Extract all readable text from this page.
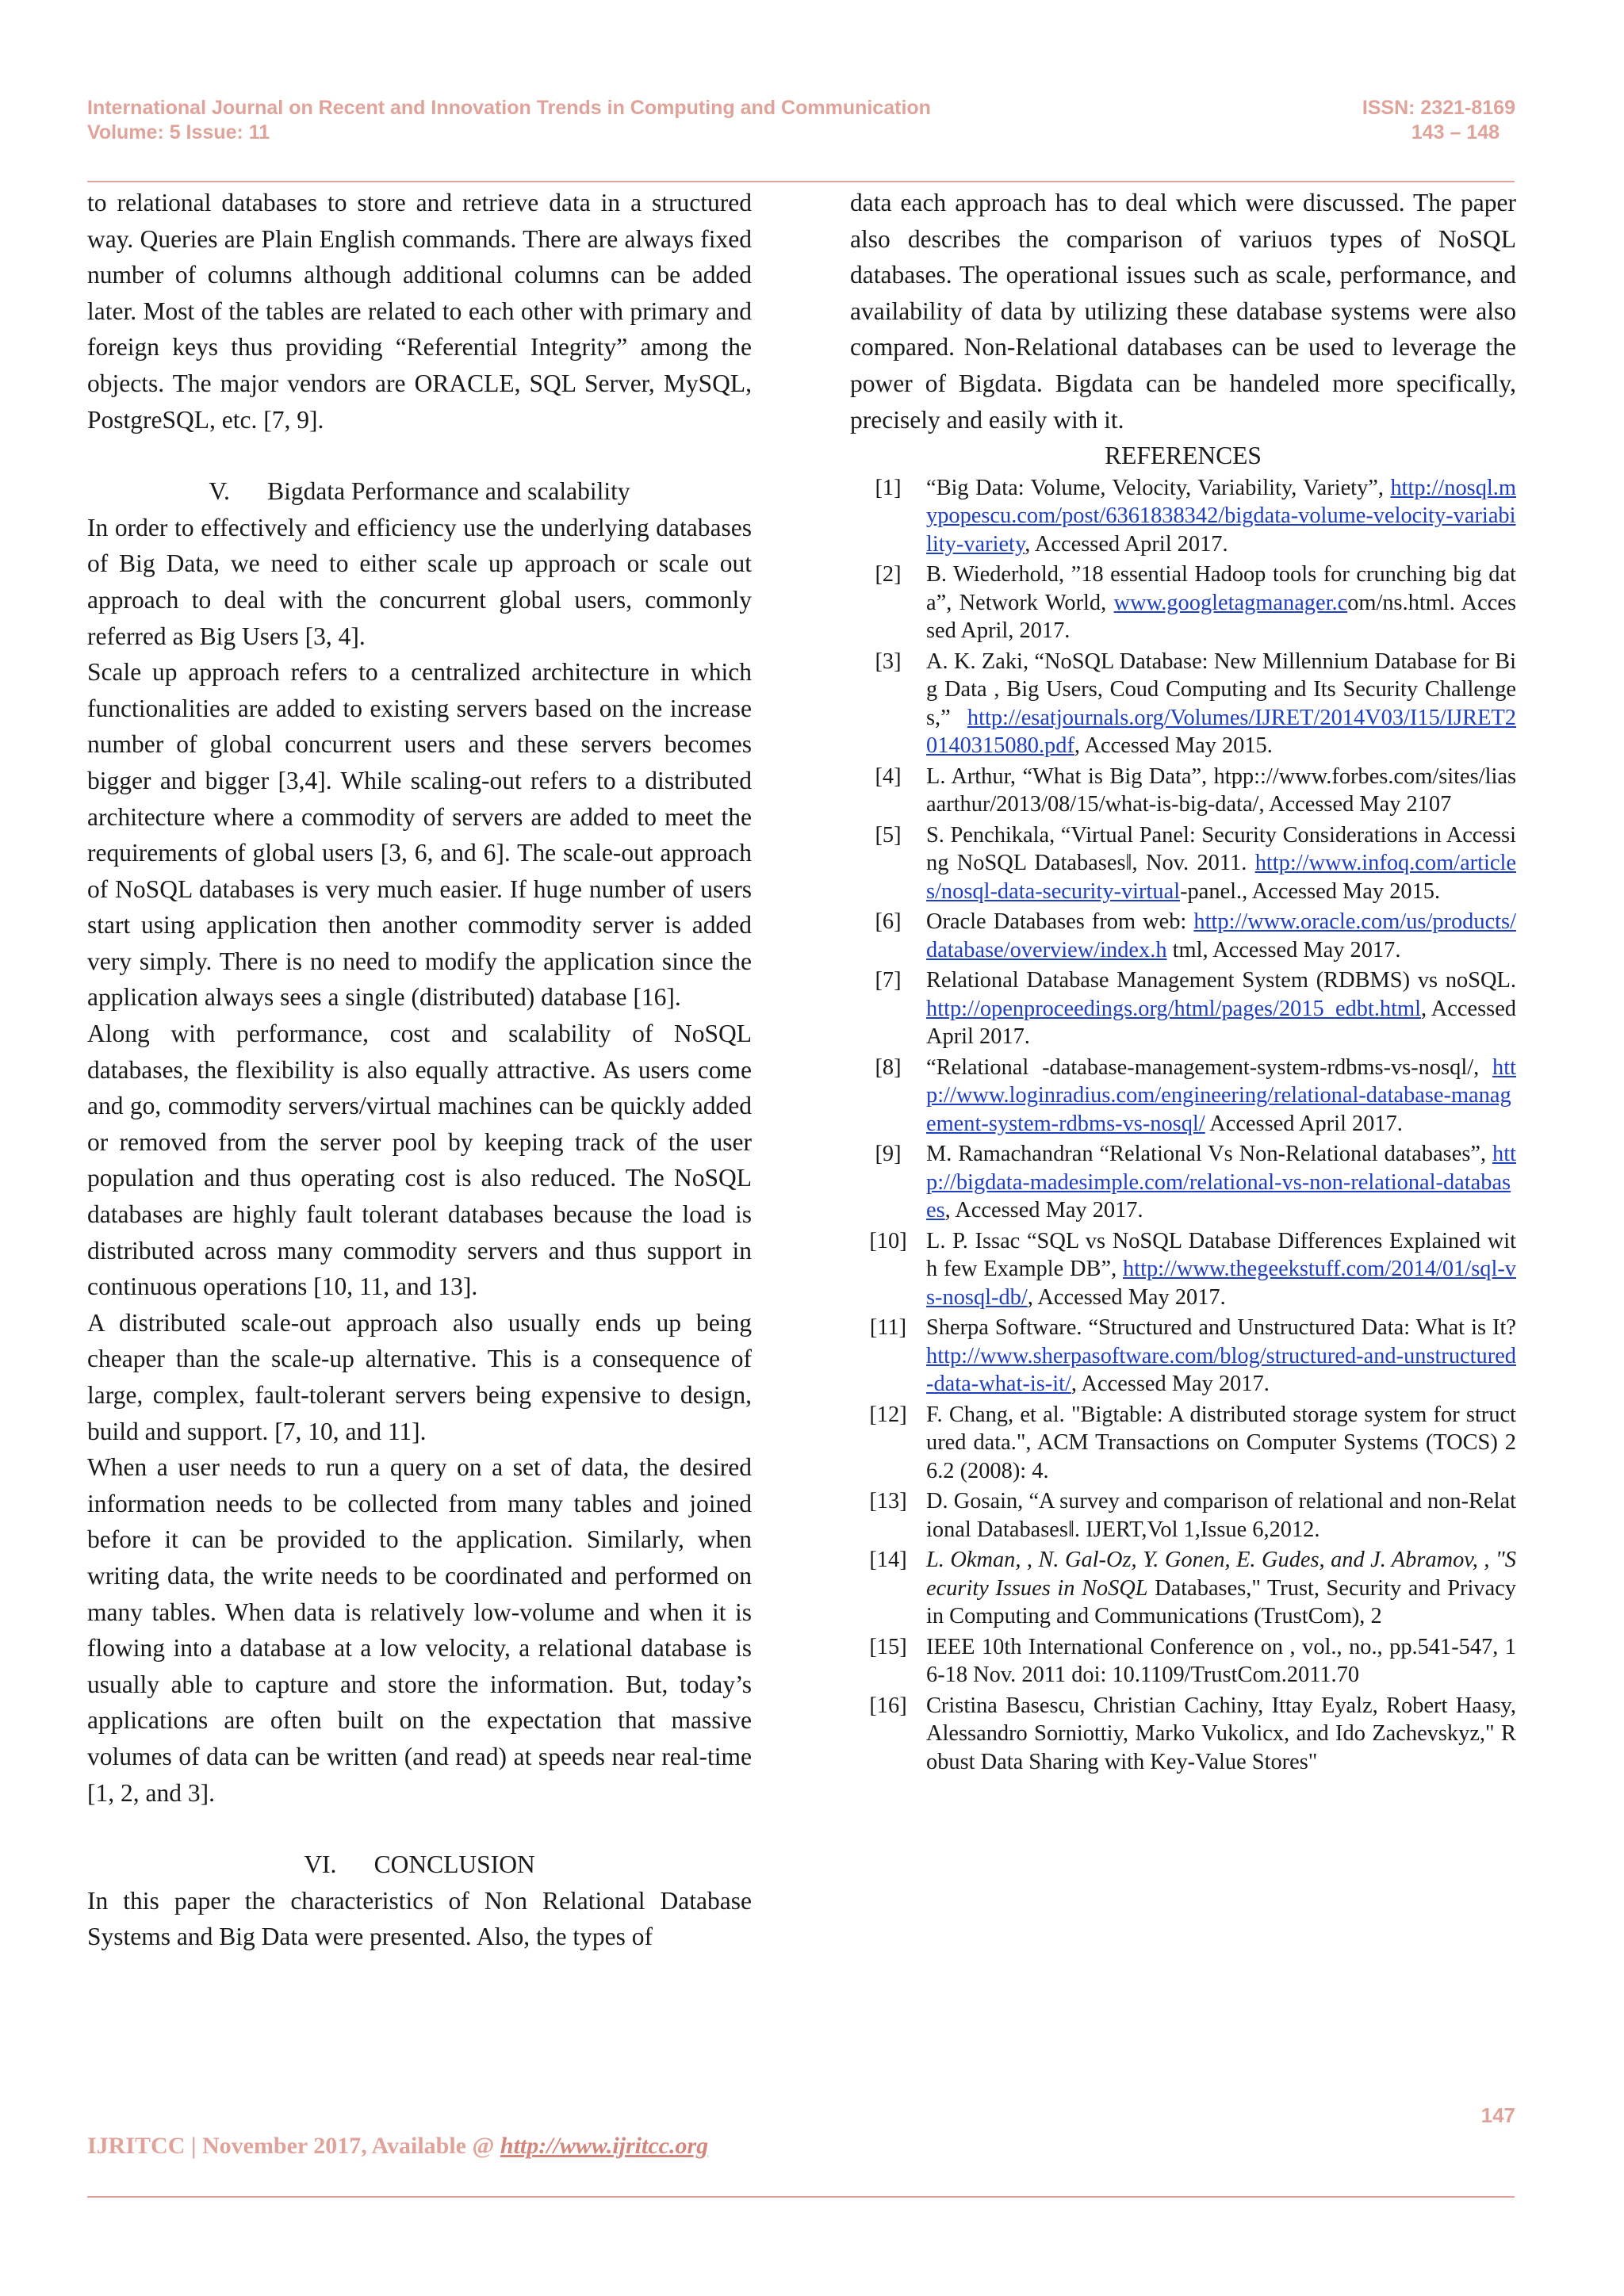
International Journal on Recent and Innovation Trends in Computing and Communication
Volume: 5 Issue: 11
ISSN: 2321-8169
143 – 148

to relational databases to store and retrieve data in a structured way. Queries are Plain English commands. There are always fixed number of columns although additional columns can be added later. Most of the tables are related to each other with primary and foreign keys thus providing “Referential Integrity” among the objects. The major vendors are ORACLE, SQL Server, MySQL, PostgreSQL, etc. [7, 9].

V.      Bigdata Performance and scalability

In order to effectively and efficiency use the underlying databases of Big Data, we need to either scale up approach or scale out approach to deal with the concurrent global users, commonly referred as Big Users [3, 4].

Scale up approach refers to a centralized architecture in which functionalities are added to existing servers based on the increase number of global concurrent users and these servers becomes bigger and bigger [3,4]. While scaling-out refers to a distributed architecture where a commodity of servers are added to meet the requirements of global users [3, 6, and 6]. The scale-out approach of NoSQL databases is very much easier. If huge number of users start using application then another commodity server is added very simply. There is no need to modify the application since the application always sees a single (distributed) database [16].

Along with performance, cost and scalability of NoSQL databases, the flexibility is also equally attractive. As users come and go, commodity servers/virtual machines can be quickly added or removed from the server pool by keeping track of the user population and thus operating cost is also reduced. The NoSQL databases are highly fault tolerant databases because the load is distributed across many commodity servers and thus support in continuous operations [10, 11, and 13].

A distributed scale-out approach also usually ends up being cheaper than the scale-up alternative. This is a consequence of large, complex, fault-tolerant servers being expensive to design, build and support. [7, 10, and 11].

When a user needs to run a query on a set of data, the desired information needs to be collected from many tables and joined before it can be provided to the application. Similarly, when writing data, the write needs to be coordinated and performed on many tables. When data is relatively low-volume and when it is flowing into a database at a low velocity, a relational database is usually able to capture and store the information. But, today’s applications are often built on the expectation that massive volumes of data can be written (and read) at speeds near real-time [1, 2, and 3].

VI.      CONCLUSION

In this paper the characteristics of Non Relational Database Systems and Big Data were presented. Also, the types of

data each approach has to deal which were discussed. The paper also describes the comparison of variuos types of NoSQL databases. The operational issues such as scale, performance, and availability of data by utilizing these database systems were also compared. Non-Relational databases can be used to leverage the power of Bigdata. Bigdata can be handeled more specifically, precisely and easily with it.

REFERENCES

[1]	“Big Data: Volume, Velocity, Variability, Variety”, http://nosql.mypopescu.com/post/6361838342/bigdata-volume-velocity-variability-variety, Accessed April 2017.
[2]	B. Wiederhold, ”18 essential Hadoop tools for crunching big data”, Network World, www.googletagmanager.com/ns.html. Accessed April, 2017.
[3]	A. K. Zaki, “NoSQL Database: New Millennium Database for Big Data , Big Users, Coud Computing and Its Security Challenges,” http://esatjournals.org/Volumes/IJRET/2014V03/I15/IJRET20140315080.pdf, Accessed May 2015.
[4]	L. Arthur, “What is Big Data”, htpp:://www.forbes.com/sites/liasaarthur/2013/08/15/what-is-big-data/, Accessed May 2107
[5]	S. Penchikala, “Virtual Panel: Security Considerations in Accessing NoSQL Databases‖, Nov. 2011. http://www.infoq.com/articles/nosql-data-security-virtual-panel., Accessed May 2015.
[6]	Oracle Databases from web: http://www.oracle.com/us/products/database/overview/index.h tml, Accessed May 2017.
[7]	Relational Database Management System (RDBMS) vs noSQL. http://openproceedings.org/html/pages/2015_edbt.html, Accessed April 2017.
[8]	“Relational -database-management-system-rdbms-vs-nosql/, http://www.loginradius.com/engineering/relational-database-management-system-rdbms-vs-nosql/ Accessed April 2017.
[9]	M. Ramachandran “Relational Vs Non-Relational databases”, http://bigdata-madesimple.com/relational-vs-non-relational-databases, Accessed May 2017.
[10] L. P. Issac “SQL vs NoSQL Database Differences Explained with few Example DB”, http://www.thegeekstuff.com/2014/01/sql-vs-nosql-db/, Accessed May 2017.
[11] Sherpa Software. “Structured and Unstructured Data: What is It? http://www.sherpasoftware.com/blog/structured-and-unstructured-data-what-is-it/, Accessed May 2017.
[12] F. Chang, et al. "Bigtable: A distributed storage system for structured data.", ACM Transactions on Computer Systems (TOCS) 26.2 (2008): 4.
[13] D. Gosain, “A survey and comparison of relational and non-Relational Databases‖. IJERT,Vol 1,Issue 6,2012.
[14] L. Okman, , N. Gal-Oz, Y. Gonen, E. Gudes, and J. Abramov, , "Security Issues in NoSQL Databases," Trust, Security and Privacy in Computing and Communications (TrustCom), 2
[15] IEEE 10th International Conference on , vol., no., pp.541-547, 16-18 Nov. 2011 doi: 10.1109/TrustCom.2011.70
[16] Cristina Basescu, Christian Cachiny, Ittay Eyalz, Robert Haasy, Alessandro Sorniottiy, Marko Vukolicx, and Ido Zachevskyz," Robust Data Sharing with Key-Value Stores"
147
IJRITCC | November 2017, Available @ http://www.ijritcc.org
